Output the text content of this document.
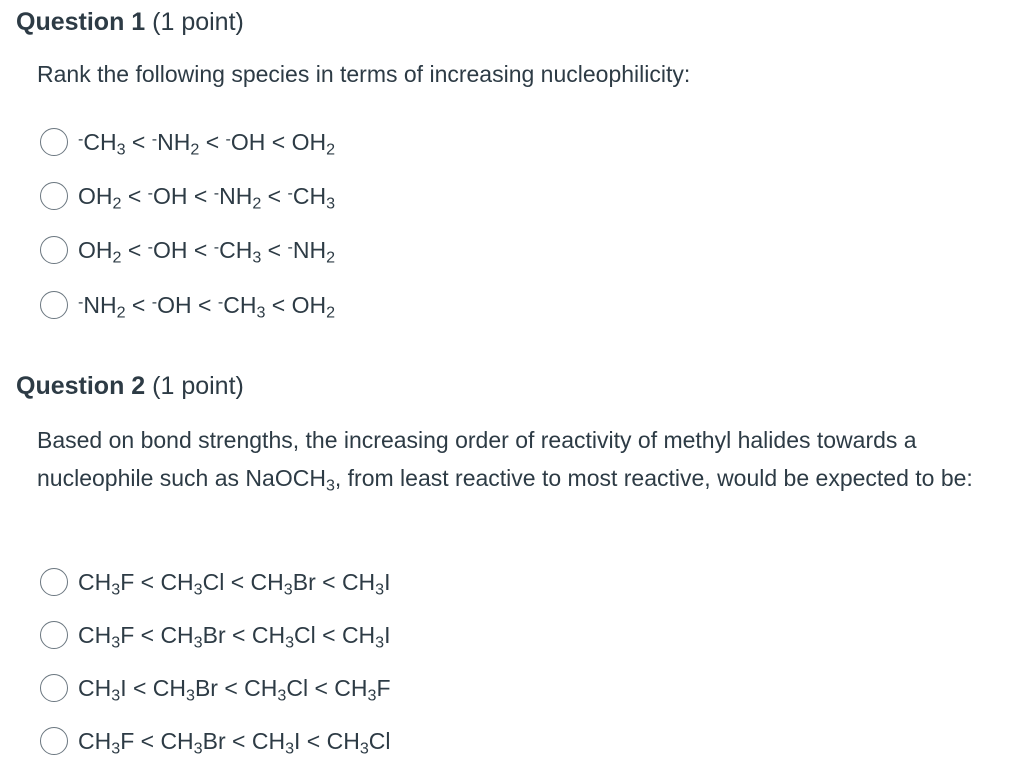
Question 1 (1 point)
Rank the following species in terms of increasing nucleophilicity:
$^-CH_3 < ^-NH_2 < ^-OH < OH_2$
$OH_2 < ^-OH < ^-NH_2 < ^-CH_3$
$OH_2 < ^-OH < ^-CH_3 < ^-NH_2$
$^-NH_2 < ^-OH < ^-CH_3 < OH_2$
Question 2 (1 point)
Based on bond strengths, the increasing order of reactivity of methyl halides towards a nucleophile such as NaOCH$_3$, from least reactive to most reactive, would be expected to be:
$CH_3F < CH_3Cl < CH_3Br < CH_3I$
$CH_3F < CH_3Br < CH_3Cl < CH_3I$
$CH_3I < CH_3Br < CH_3Cl < CH_3F$
$CH_3F < CH_3Br < CH_3I < CH_3Cl$
